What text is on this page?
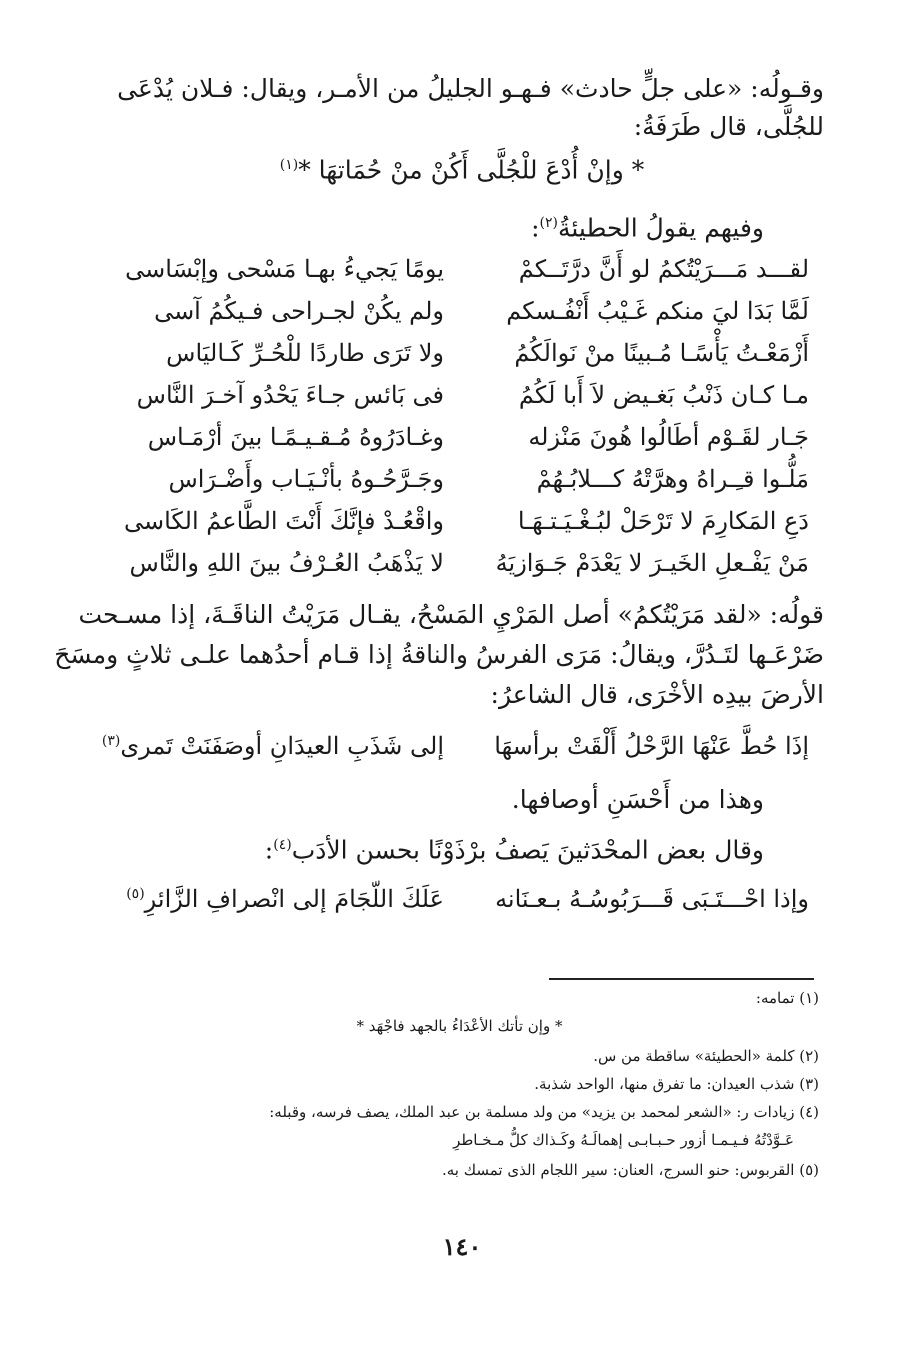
وقـولُه: «على جلٍّ حادث» فـهـو الجليلُ من الأمـر، ويقال: فـلان يُدْعَى
للجُلَّى، قال طَرَفَةُ:
* وإنْ أُدْعَ للْجُلَّى أَكُنْ منْ حُمَاتهَا *$^{(١)}$
وفيهم يقولُ الحطيئةُ$^{(٢)}$:
لقـــد مَـــرَيْتُكمُ لو أَنَّ درَّتَــكمْ
يومًا يَجيءُ بهـا مَسْحى وإبْسَاسى
لَمَّا بَدَا ليَ منكم غَـيْبُ أَنْفُـسكم
ولم يكُنْ لجـراحى فـيكُمُ آسى
أَزْمَعْـتُ يَأْسًـا مُـبينًا منْ نَوالَكُمُ
ولا تَرَى طاردًا للْحُـرِّ كَـاليَاس
مـا كـان ذَنْبُ بَغـيض لاَ أَبا لَكُمُ
فى بَائس جـاءَ يَحْدُو آخـرَ النَّاس
جَـار لقَـوْم أطَالُوا هُونَ مَنْزله
وغـادَرُوهُ مُـقـيـمًـا بينَ أرْمَـاس
مَلُّـوا قـِـراهُ وهرَّتْهُ كـــلابُـهُمْ
وجَـرَّحُـوهُ بأنْـيَـاب وأَضْـرَاس
دَعِ المَكارِمَ لا تَرْحَلْ لبُـغْـيَـتـهَـا
واقْعُـدْ فإنَّكَ أَنْتَ الطَّاعمُ الكَاسى
مَنْ يَفْـعلِ الخَيـرَ لا يَعْدَمْ جَـوَازيَهُ
لا يَذْهَبُ العُـرْفُ بينَ اللهِ والنَّاس
قولُه: «لقد مَرَيْتُكمُ» أصل المَرْيِ المَسْحُ، يقـال مَرَيْتُ الناقَـةَ، إذا مسـحت
ضَرْعَـها لتَـدُرَّ، ويقالُ: مَرَى الفرسُ والناقةُ إذا قـام أحدُهما علـى ثلاثٍ ومسَحَ
الأرضَ بيدِه الأخْرَى، قال الشاعرُ:
إذَا حُطَّ عَنْهَا الرَّحْلُ أَلْقَتْ برأسهَا
إلى شَذَبِ العيدَانِ أوصَفَنَتْ تَمرى$^{(٣)}$
وهذا من أَحْسَنِ أوصافها.
وقال بعض المحْدَثينَ يَصفُ برْذَوْنًا بحسن الأدَب$^{(٤)}$:
وإذا احْـــتَـبَى قَـــرَبُوسُـهُ بـعـنَانه
عَلَكَ اللّجَامَ إلى انْصرافِ الزَّائرِ$^{(٥)}$
(١) تمامه:
* وإن تأتك الأعْدَاءُ بالجهد فاجْهَد *
(٢) كلمة «الحطيئة» ساقطة من س.
(٣) شذب العيدان: ما تفرق منها، الواحد شذبة.
(٤) زيادات ر: «الشعر لمحمد بن يزيد» من ولد مسلمة بن عبد الملك، يصف فرسه، وقبله:
عَـوَّدْتُهُ فـيـمـا أزور حـبـابـى إهمالَـهُ وكَـذاك كلُّ مـخـاطرِ
(٥) القربوس: حنو السرج، العنان: سير اللجام الذى تمسك به.
١٤٠
